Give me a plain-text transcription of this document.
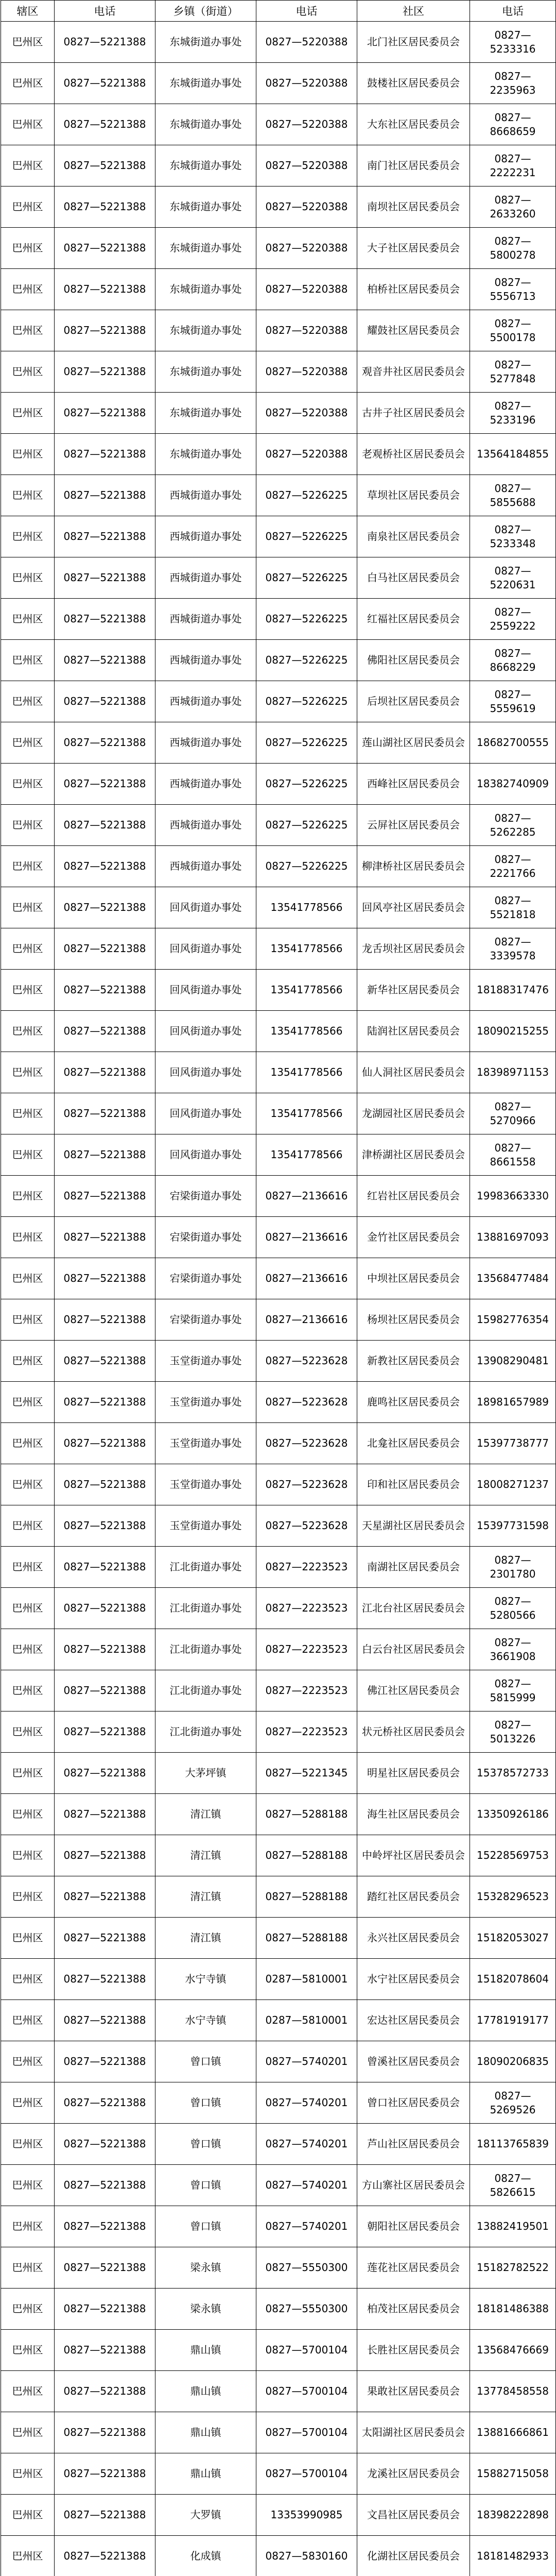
辖区	电话	乡镇（街道）	电话	社区	电话
巴州区	0827—5221388	东城街道办事处	0827—5220388	北门社区居民委员会	0827—5233316
巴州区	0827—5221388	东城街道办事处	0827—5220388	鼓楼社区居民委员会	0827—2235963
巴州区	0827—5221388	东城街道办事处	0827—5220388	大东社区居民委员会	0827—8668659
巴州区	0827—5221388	东城街道办事处	0827—5220388	南门社区居民委员会	0827—2222231
巴州区	0827—5221388	东城街道办事处	0827—5220388	南坝社区居民委员会	0827—2633260
巴州区	0827—5221388	东城街道办事处	0827—5220388	大子社区居民委员会	0827—5800278
巴州区	0827—5221388	东城街道办事处	0827—5220388	柏桥社区居民委员会	0827—5556713
巴州区	0827—5221388	东城街道办事处	0827—5220388	耀鼓社区居民委员会	0827—5500178
巴州区	0827—5221388	东城街道办事处	0827—5220388	观音井社区居民委员会	0827—5277848
巴州区	0827—5221388	东城街道办事处	0827—5220388	古井子社区居民委员会	0827—5233196
巴州区	0827—5221388	东城街道办事处	0827—5220388	老观桥社区居民委员会	13564184855
巴州区	0827—5221388	西城街道办事处	0827—5226225	草坝社区居民委员会	0827—5855688
巴州区	0827—5221388	西城街道办事处	0827—5226225	南泉社区居民委员会	0827—5233348
巴州区	0827—5221388	西城街道办事处	0827—5226225	白马社区居民委员会	0827—5220631
巴州区	0827—5221388	西城街道办事处	0827—5226225	红福社区居民委员会	0827—2559222
巴州区	0827—5221388	西城街道办事处	0827—5226225	佛阳社区居民委员会	0827—8668229
巴州区	0827—5221388	西城街道办事处	0827—5226225	后坝社区居民委员会	0827—5559619
巴州区	0827—5221388	西城街道办事处	0827—5226225	莲山湖社区居民委员会	18682700555
巴州区	0827—5221388	西城街道办事处	0827—5226225	西峰社区居民委员会	18382740909
巴州区	0827—5221388	西城街道办事处	0827—5226225	云屏社区居民委员会	0827—5262285
巴州区	0827—5221388	西城街道办事处	0827—5226225	柳津桥社区居民委员会	0827—2221766
巴州区	0827—5221388	回风街道办事处	13541778566	回风亭社区居民委员会	0827—5521818
巴州区	0827—5221388	回风街道办事处	13541778566	龙舌坝社区居民委员会	0827—3339578
巴州区	0827—5221388	回风街道办事处	13541778566	新华社区居民委员会	18188317476
巴州区	0827—5221388	回风街道办事处	13541778566	陆润社区居民委员会	18090215255
巴州区	0827—5221388	回风街道办事处	13541778566	仙人洞社区居民委员会	18398971153
巴州区	0827—5221388	回风街道办事处	13541778566	龙湖园社区居民委员会	0827—5270966
巴州区	0827—5221388	回风街道办事处	13541778566	津桥湖社区居民委员会	0827—8661558
巴州区	0827—5221388	宕梁街道办事处	0827—2136616	红岩社区居民委员会	19983663330
巴州区	0827—5221388	宕梁街道办事处	0827—2136616	金竹社区居民委员会	13881697093
巴州区	0827—5221388	宕梁街道办事处	0827—2136616	中坝社区居民委员会	13568477484
巴州区	0827—5221388	宕梁街道办事处	0827—2136616	杨坝社区居民委员会	15982776354
巴州区	0827—5221388	玉堂街道办事处	0827—5223628	新教社区居民委员会	13908290481
巴州区	0827—5221388	玉堂街道办事处	0827—5223628	鹿鸣社区居民委员会	18981657989
巴州区	0827—5221388	玉堂街道办事处	0827—5223628	北龛社区居民委员会	15397738777
巴州区	0827—5221388	玉堂街道办事处	0827—5223628	印和社区居民委员会	18008271237
巴州区	0827—5221388	玉堂街道办事处	0827—5223628	天星湖社区居民委员会	15397731598
巴州区	0827—5221388	江北街道办事处	0827—2223523	南湖社区居民委员会	0827—2301780
巴州区	0827—5221388	江北街道办事处	0827—2223523	江北台社区居民委员会	0827—5280566
巴州区	0827—5221388	江北街道办事处	0827—2223523	白云台社区居民委员会	0827—3661908
巴州区	0827—5221388	江北街道办事处	0827—2223523	佛江社区居民委员会	0827—5815999
巴州区	0827—5221388	江北街道办事处	0827—2223523	状元桥社区居民委员会	0827—5013226
巴州区	0827—5221388	大茅坪镇	0827—5221345	明星社区居民委员会	15378572733
巴州区	0827—5221388	清江镇	0827—5288188	海生社区居民委员会	13350926186
巴州区	0827—5221388	清江镇	0827—5288188	中岭坪社区居民委员会	15228569753
巴州区	0827—5221388	清江镇	0827—5288188	踏红社区居民委员会	15328296523
巴州区	0827—5221388	清江镇	0827—5288188	永兴社区居民委员会	15182053027
巴州区	0827—5221388	水宁寺镇	0287—5810001	水宁社区居民委员会	15182078604
巴州区	0827—5221388	水宁寺镇	0287—5810001	宏达社区居民委员会	17781919177
巴州区	0827—5221388	曾口镇	0827—5740201	曾溪社区居民委员会	18090206835
巴州区	0827—5221388	曾口镇	0827—5740201	曾口社区居民委员会	0827—5269526
巴州区	0827—5221388	曾口镇	0827—5740201	芦山社区居民委员会	18113765839
巴州区	0827—5221388	曾口镇	0827—5740201	方山寨社区居民委员会	0827—5826615
巴州区	0827—5221388	曾口镇	0827—5740201	朝阳社区居民委员会	13882419501
巴州区	0827—5221388	梁永镇	0827—5550300	莲花社区居民委员会	15182782522
巴州区	0827—5221388	梁永镇	0827—5550300	柏茂社区居民委员会	18181486388
巴州区	0827—5221388	鼎山镇	0827—5700104	长胜社区居民委员会	13568476669
巴州区	0827—5221388	鼎山镇	0827—5700104	果敢社区居民委员会	13778458558
巴州区	0827—5221388	鼎山镇	0827—5700104	太阳湖社区居民委员会	13881666861
巴州区	0827—5221388	鼎山镇	0827—5700104	龙溪社区居民委员会	15882715058
巴州区	0827—5221388	大罗镇	13353990985	文昌社区居民委员会	18398222898
巴州区	0827—5221388	化成镇	0827—5830160	化湖社区居民委员会	18181482933
